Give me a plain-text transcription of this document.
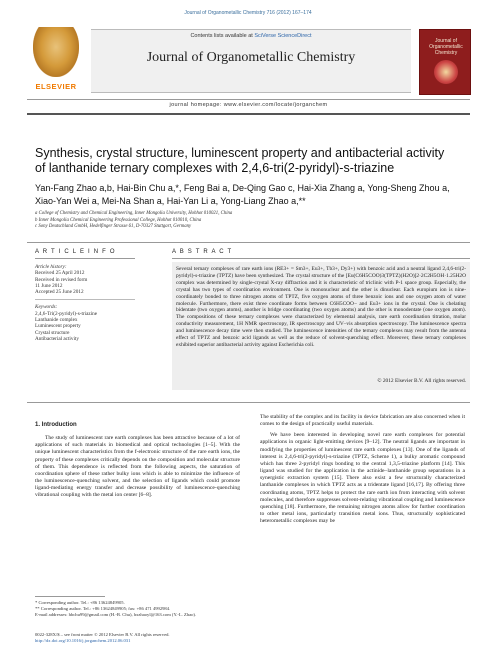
Journal of Organometallic Chemistry 716 (2012) 167–174
ELSEVIER
Contents lists available at SciVerse ScienceDirect
Journal of Organometallic Chemistry
Journal of Organometallic Chemistry
journal homepage: www.elsevier.com/locate/jorganchem
Synthesis, crystal structure, luminescent property and antibacterial activity
of lanthanide ternary complexes with 2,4,6-tri(2-pyridyl)-s-triazine
Yan-Fang Zhao a,b, Hai-Bin Chu a,*, Feng Bai a, De-Qing Gao c, Hai-Xia Zhang a, Yong-Sheng Zhou a,
Xiao-Yan Wei a, Mei-Na Shan a, Hai-Yan Li a, Yong-Liang Zhao a,**
a College of Chemistry and Chemical Engineering, Inner Mongolia University, Hohhot 010021, China
b Inner Mongolia Chemical Engineering Professional College, Hohhot 010010, China
c Sony Deutschland GmbH, Hedelfinger Strasse 61, D-70327 Stuttgart, Germany
A R T I C L E I N F O	A B S T R A C T
Article history:
Received 25 April 2012
Received in revised form
11 June 2012
Accepted 25 June 2012
Keywords:
2,4,6-Tri(2-pyridyl)-s-triazine
Lanthanide complex
Luminescent property
Crystal structure
Antibacterial activity
Several ternary complexes of rare earth ions (RE3+ = Sm3+, Eu3+, Tb3+, Dy3+) with benzoic acid and a neutral ligand 2,4,6-tri(2-pyridyl)-s-triazine (TPTZ) have been synthesized. The crystal structure of the [Eu(C6H5COO)3(TPTZ)(H2O)]2·2C2H5OH·1.25H2O complex was determined by single-crystal X-ray diffraction and it is characteristic of triclinic with P-1 space group. Especially, the crystal has two types of coordination environment. One is mononuclear and the other is dinuclear. Each europium ion is nine-coordinately bonded to three nitrogen atoms of TPTZ, five oxygen atoms of three benzoic ions and one oxygen atom of water molecule. Furthermore, there exist three coordinate forms between C6H5COO− and Eu3+ ions in the crystal. One is chelating bidentate (two oxygen atoms), another is bridge coordinating (two oxygen atoms) and the other is monodentate (one oxygen atom). The compositions of these ternary complexes were characterized by elemental analysis, rare earth coordination titration, molar conductivity measurement, 1H NMR spectroscopy, IR spectroscopy and UV–vis absorption spectroscopy. The luminescence spectra and luminescence decay time were then studied. The luminescence intensities of the ternary complexes may result from the antenna effect of TPTZ and benzoic acid ligands as well as the reduce of solvent-quenching effect. Moreover, these ternary complexes exhibited superior antibacterial activity against Escherichia coli.
© 2012 Elsevier B.V. All rights reserved.
1. Introduction
The study of luminescent rare earth complexes has been attractive because of a lot of applications of such materials in biomedical and optical technologies [1–5]. With the unique luminescent characteristics from the f-electronic structure of the rare earth ions, the property of these complexes critically depends on the composition and molecular structure of them. This dependence is reflected from the following aspects, the saturation of coordination sphere of these rather bulky ions which is able to minimize the influence of the luminescence-quenching solvent, and the selection of ligands which could promote ligand-mediating energy transfer and decrease possibility of luminescence-quenching vibrational coupling with the metal ion center [6–8].
The stability of the complex and its facility in device fabrication are also concerned when it comes to the design of practically useful materials.
We have been interested in developing novel rare earth complexes for potential applications in organic light-emitting devices [9–12]. The neutral ligands are important in modifying the properties of luminescent rare earth complexes [13]. One of the ligands of interest is 2,4,6-tri(2-pyridyl)-s-triazine (TPTZ, Scheme 1), a bulky aromatic compound which has three 2-pyridyl rings bonding to the central 1,3,5-triazine platform [14]. This ligand was studied for the application in the actinide–lanthanide group separations in a synergistic extraction system [15]. There also exist a few structurally characterized lanthanide complexes in which TPTZ acts as a tridentate ligand [16,17]. By offering three coordinating atoms, TPTZ helps to protect the rare earth ion from interacting with solvent molecules, and therefore suppresses solvent-relating vibrational coupling and luminescence quenching [18]. Furthermore, the remaining nitrogen atoms allow for further coordination to other metal ions, particularly transition metal ions. Thus, structurally sophisticated heterometallic complexes may be
* Corresponding author. Tel.: +86 13624849905.
** Corresponding author. Tel.: +86 13624849905; fax: +86 471 4992984.
E-mail addresses: hbchu99@gmail.com (H.-B. Chu), hxzhaoyl@163.com (Y.-L. Zhao).
0022-328X/$ – see front matter © 2012 Elsevier B.V. All rights reserved.
http://dx.doi.org/10.1016/j.jorganchem.2012.06.031
